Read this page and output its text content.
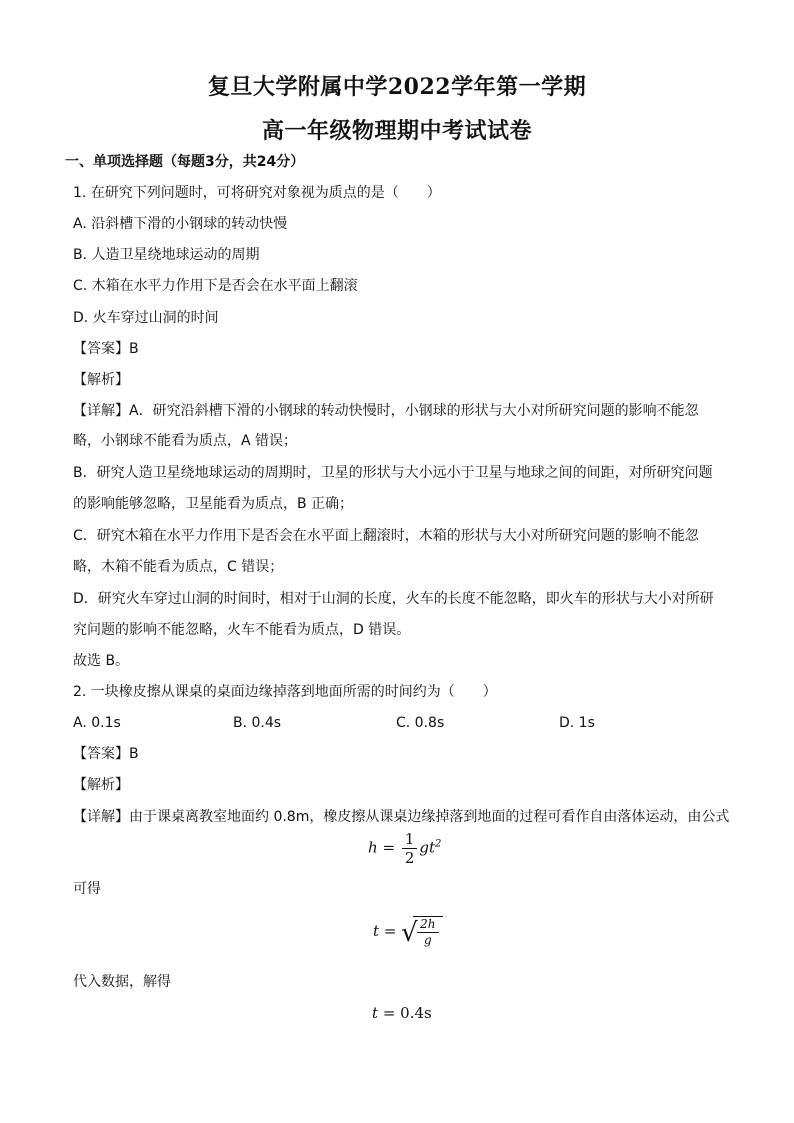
复旦大学附属中学2022学年第一学期
高一年级物理期中考试试卷
一、单项选择题（每题3分，共24分）
1. 在研究下列问题时，可将研究对象视为质点的是（　　）
A. 沿斜槽下滑的小钢球的转动快慢
B. 人造卫星绕地球运动的周期
C. 木箱在水平力作用下是否会在水平面上翻滚
D. 火车穿过山洞的时间
【答案】B
【解析】
【详解】A．研究沿斜槽下滑的小钢球的转动快慢时，小钢球的形状与大小对所研究问题的影响不能忽
略，小钢球不能看为质点，A 错误；
B．研究人造卫星绕地球运动的周期时，卫星的形状与大小远小于卫星与地球之间的间距，对所研究问题
的影响能够忽略，卫星能看为质点，B 正确；
C．研究木箱在水平力作用下是否会在水平面上翻滚时，木箱的形状与大小对所研究问题的影响不能忽
略，木箱不能看为质点，C 错误；
D．研究火车穿过山洞的时间时，相对于山洞的长度，火车的长度不能忽略，即火车的形状与大小对所研
究问题的影响不能忽略，火车不能看为质点，D 错误。
故选 B。
2. 一块橡皮擦从课桌的桌面边缘掉落到地面所需的时间约为（　　）
A. 0.1s	B. 0.4s	C. 0.8s	D. 1s
【答案】B
【解析】
【详解】由于课桌离教室地面约 0.8m，橡皮擦从课桌边缘掉落到地面的过程可看作自由落体运动，由公式
$h = \frac{1}{2} gt^2$
可得
t = √ $\frac{2h}{g}$
代入数据，解得
t = 0.4s
